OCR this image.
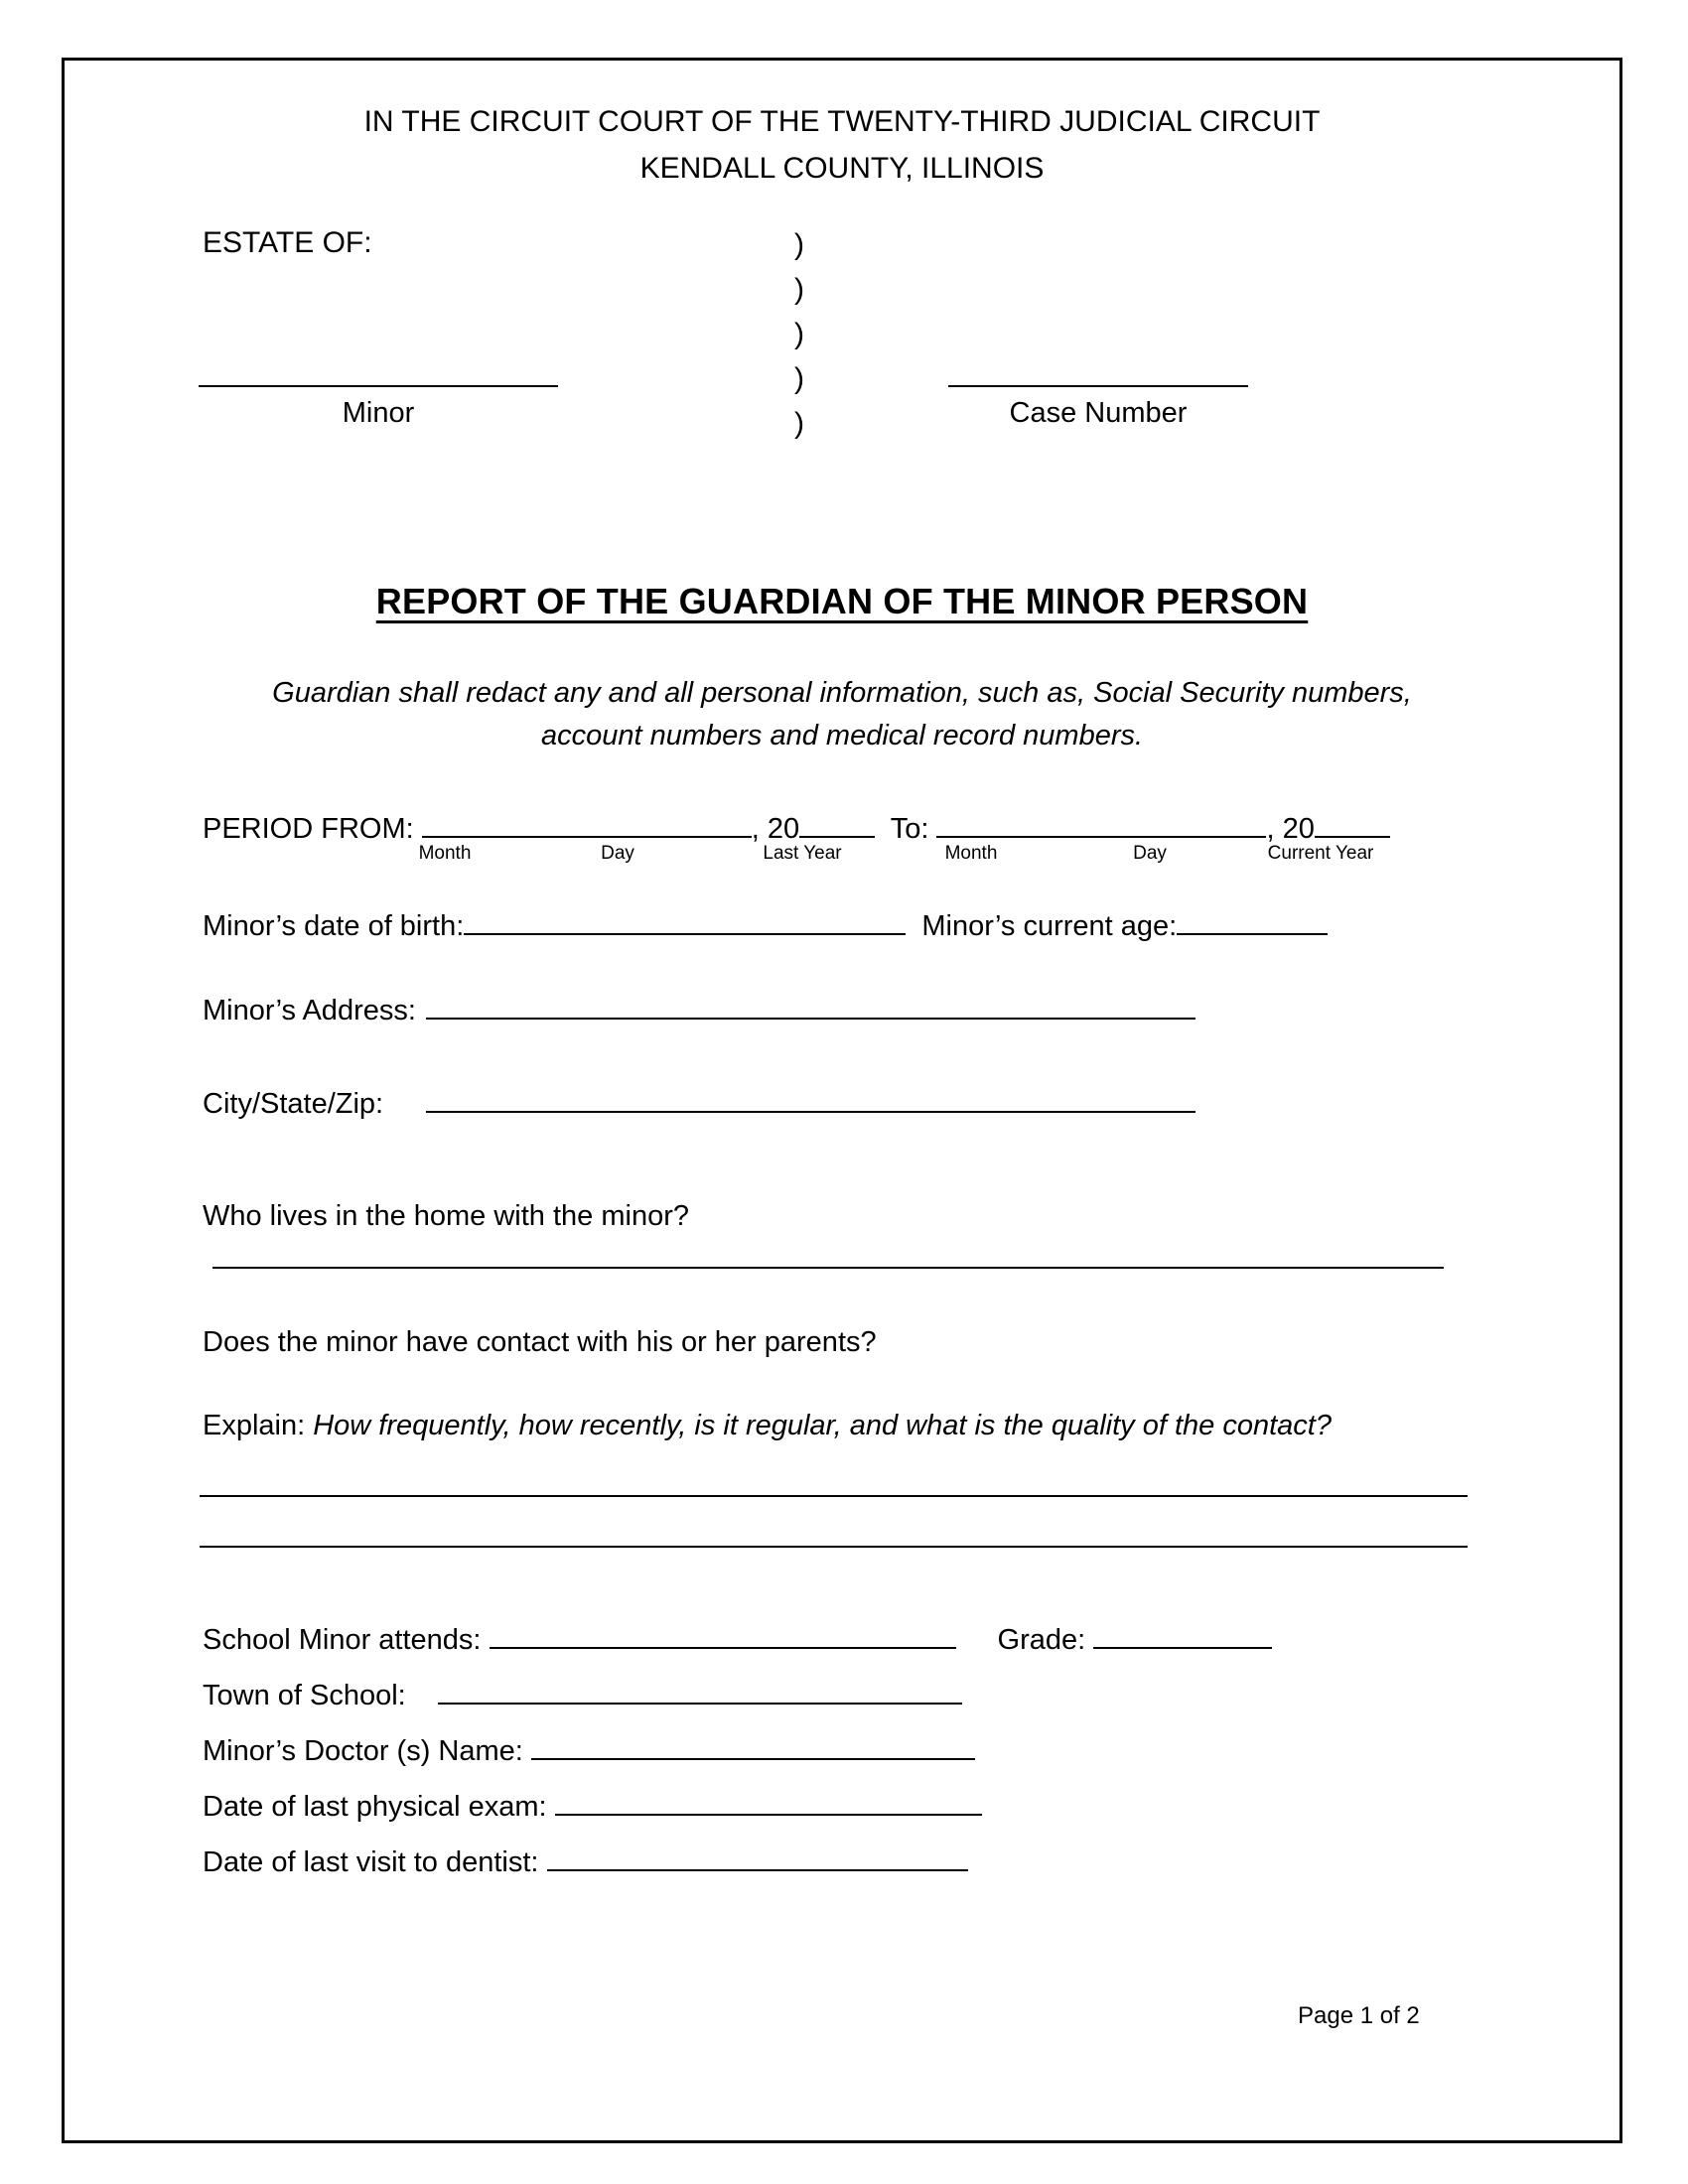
IN THE CIRCUIT COURT OF THE TWENTY-THIRD JUDICIAL CIRCUIT
KENDALL COUNTY, ILLINOIS
ESTATE OF:	)
)
)
)
)
Minor	Case Number
REPORT OF THE GUARDIAN OF THE MINOR PERSON
Guardian shall redact any and all personal information, such as, Social Security numbers,
account numbers and medical record numbers.
PERIOD FROM:	, 20	To:	, 20
Month	Day	Last Year	Month	Day	Current Year
Minor’s date of birth:	Minor’s current age:
Minor’s Address:
City/State/Zip:
Who lives in the home with the minor?
Does the minor have contact with his or her parents?
Explain: How frequently, how recently, is it regular, and what is the quality of the contact?
School Minor attends:	Grade:
Town of School:
Minor’s Doctor (s) Name:
Date of last physical exam:
Date of last visit to dentist:
Page 1 of 2
